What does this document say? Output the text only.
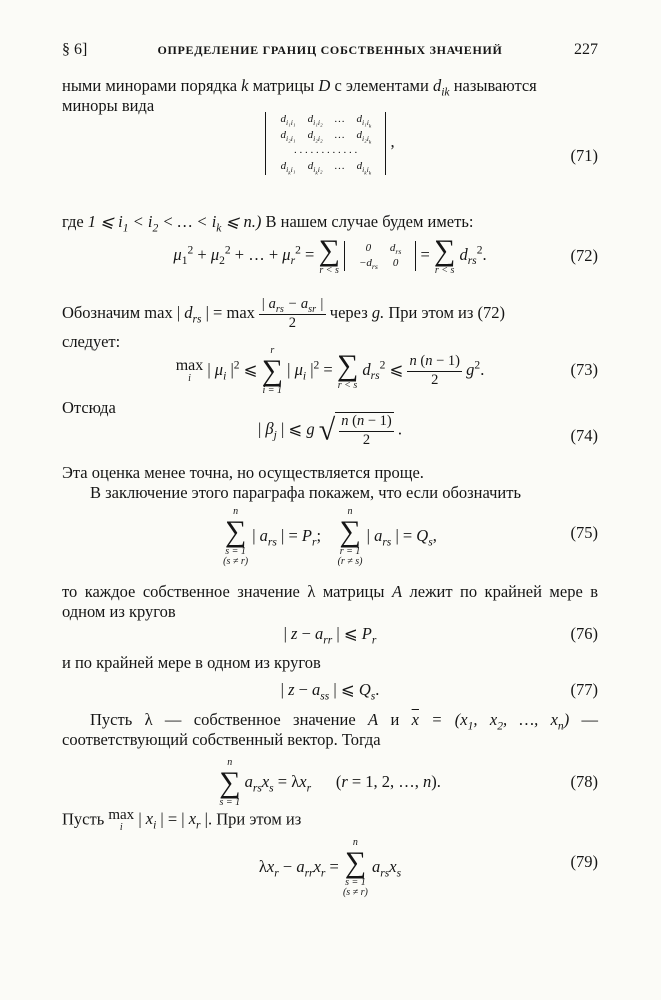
§ 6]	ОПРЕДЕЛЕНИЕ ГРАНИЦ СОБСТВЕННЫХ ЗНАЧЕНИЙ	227
ными минорами порядка k матрицы D с элементами $d_{ik}$ называются
миноры вида
$d_{i_1i_1}$	$d_{i_1i_2}$	…	$d_{i_1i_k}$
$d_{i_2i_1}$	$d_{i_2i_2}$	…	$d_{i_2i_k}$
. . . . . . . . . . . .			
$d_{i_ki_1}$	$d_{i_ki_2}$	…	$d_{i_ki_k}$
,
(71)
где 1 ⩽ $i_1 < i_2$ < … < $i_k$ ⩽ n.) В нашем случае будем иметь:
$\mu_1^2 + \mu_2^2$ + … + $\mu_r^2$ = ∑
r < s

0	$d_{rs}$
$-d_{rs}$	0 = ∑
r < s
$d_{rs}^2$.	(72)
Обозначим max | $d_{rs}$ | = $\max \frac{| a_{rs} - a_{sr} |}{2}$ через g. При этом из (72)
следует:
max
i | $\mu_i$ $|^2$ ⩽
r
∑
i = 1
| $\mu_i$ $|^2$ = ∑
r < s
$d_{rs}^2$ ⩽ $\frac{n (n - 1)}{2} g^2$.	(73)
Отсюда
| $\beta_j$ | ⩽ g √ $\frac{n (n - 1)}{2}$ .	(74)
Эта оценка менее точна, но осуществляется проще.
В заключение этого параграфа покажем, что если обозначить
n
∑
s = 1
(s ≠ r)
| $a_{rs}$ | = $P_r$;
n
∑
r = 1
(r ≠ s)
| $a_{rs}$ | = $Q_s$,	(75)
то каждое собственное значение λ матрицы A лежит по крайней мере в одном из кругов
| $z - a_{rr}$ | ⩽ $P_r$	(76)
и по крайней мере в одном из кругов
| $z - a_{ss}$ | ⩽ $Q_s$.	(77)
Пусть λ — собственное значение A и $\overline{x} = (x_1$, $x_2$, …, $x_n$) — соответствующий собственный вектор. Тогда
n
∑
s = 1
$a_{rs}x_s = \lambda x_r$      (r = 1, 2, …, n).	(78)
Пусть max
i | $x_i$ | = | $x_r$ |. При этом из
$\lambda x_r - a_{rr}x_r$ =
n
∑
s = 1
(s ≠ r)
$a_{rs}x_s$
(79)
